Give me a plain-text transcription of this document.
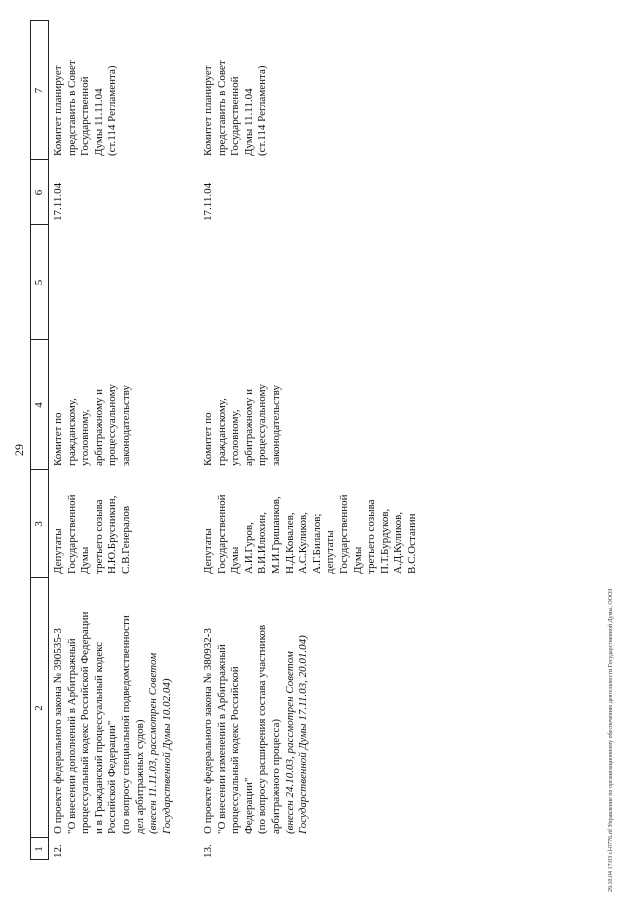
29
1
2
3
4
5
6
7
12.
О проекте федерального закона № 390535-3 "О внесении дополнений в Арбитражный процессуальный кодекс Российской Федерации и в Гражданский процессуальный кодекс Российской Федерации" (по вопросу специальной подведомственности дел арбитражных судов) (внесен 11.11.03, рассмотрен Советом Государственной Думы 10.02.04)
Депутаты Государственной Думы третьего созыва Н.Ю.Брусникин, С.В.Генералов
Комитет по гражданскому, уголовному, арбитражному и процессуальному законодательству
17.11.04
Комитет планирует представить в Совет Государственной Думы 11.11.04 (ст.114 Регламента)
13.
О проекте федерального закона № 380932-3 "О внесении изменений в Арбитражный процессуальный кодекс Российской Федерации" (по вопросу расширения состава участников арбитражного процесса) (внесен 24.10.03, рассмотрен Советом Государственной Думы 17.11.03, 20.01.04)
Депутаты Государственной Думы А.И.Гуров, В.И.Илюхин, М.И.Гришанков, Н.Д.Ковалев, А.С.Куликов, А.Г.Билалов; депутаты Государственной Думы третьего созыва П.Т.Бурдуков, А.Д.Куликов, В.С.Останин
Комитет по гражданскому, уголовному, арбитражному и процессуальному законодательству
17.11.04
Комитет планирует представить в Совет Государственной Думы 11.11.04 (ст.114 Регламента)
29.10.04 17:03 cl-0776.rtf Управление по организационному обеспечению деятельности Государственной Думы, ОООЗ
